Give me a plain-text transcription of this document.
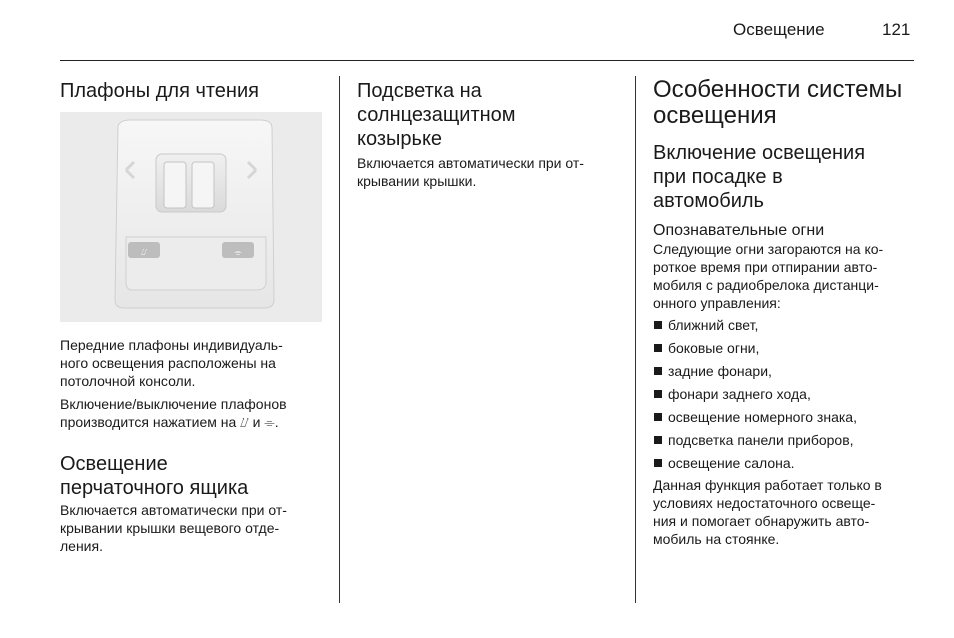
Освещение	121
Плафоны для чтения
⌰	⌯

Передние плафоны индивидуаль-

ного освещения расположены на

потолочной консоли.

Включение/выключение плафонов

производится нажатием на ⌰ и ⌯.

Освещение
перчаточного ящика

Включается автоматически при от-

крывании крышки вещевого отде-

ления.

Подсветка на
солнцезащитном
козырьке

Включается автоматически при от-

крывании крышки.

Особенности системы
освещения
Включение освещения
при посадке в
автомобиль
Опознавательные огни

Следующие огни загораются на ко-

роткое время при отпирании авто-

мобиля с радиобрелока дистанци-

онного управления:

ближний свет,
боковые огни,
задние фонари,
фонари заднего хода,
освещение номерного знака,
подсветка панели приборов,
освещение салона.

Данная функция работает только в

условиях недостаточного освеще-

ния и помогает обнаружить авто-

мобиль на стоянке.
